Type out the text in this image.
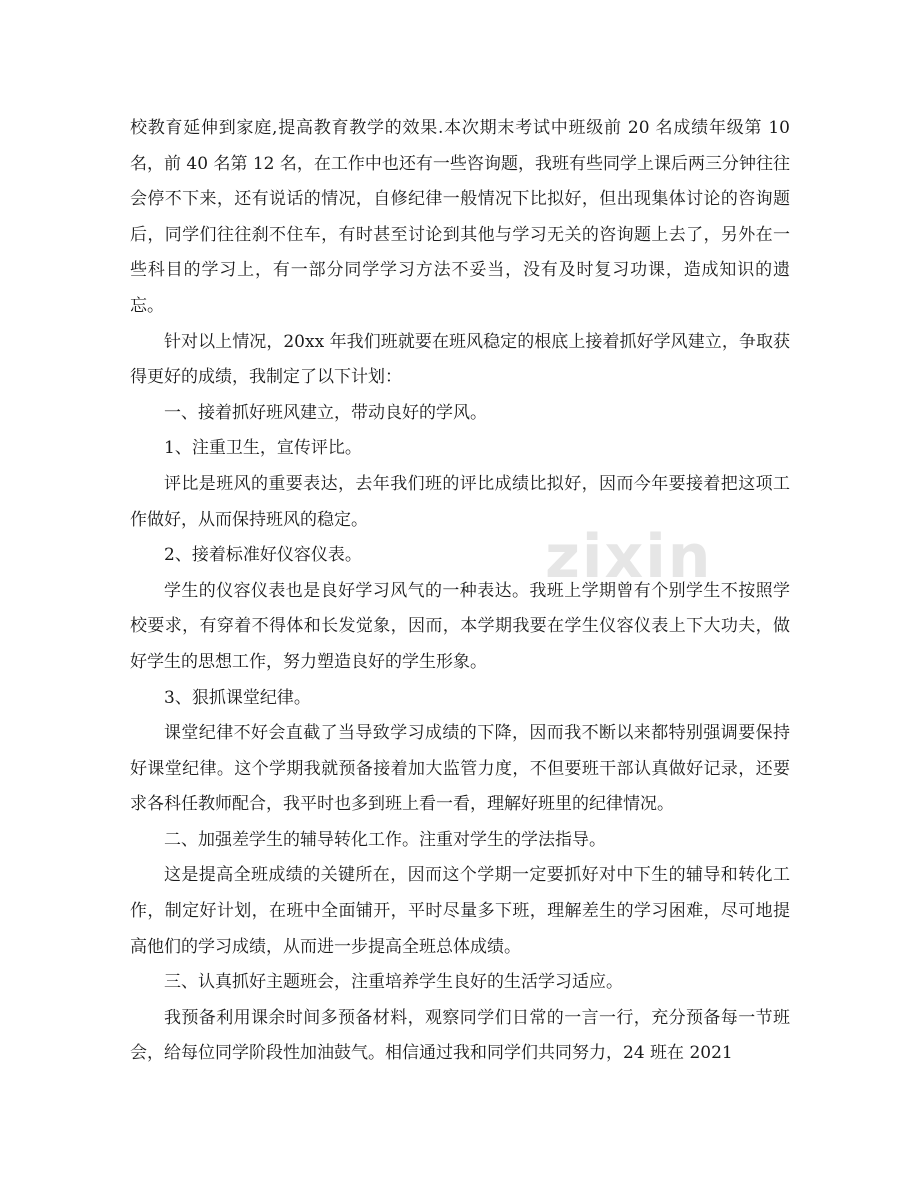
zixin

校教育延伸到家庭,提高教育教学的效果.本次期末考试中班级前 20 名成绩年级第 10 名，前 40 名第 12 名，在工作中也还有一些咨询题，我班有些同学上课后两三分钟往往会停不下来，还有说话的情况，自修纪律一般情况下比拟好，但出现集体讨论的咨询题后，同学们往往刹不住车，有时甚至讨论到其他与学习无关的咨询题上去了，另外在一些科目的学习上，有一部分同学学习方法不妥当，没有及时复习功课，造成知识的遗忘。

针对以上情况，20xx 年我们班就要在班风稳定的根底上接着抓好学风建立，争取获得更好的成绩，我制定了以下计划：

一、接着抓好班风建立，带动良好的学风。

1、注重卫生，宣传评比。

评比是班风的重要表达，去年我们班的评比成绩比拟好，因而今年要接着把这项工作做好，从而保持班风的稳定。

2、接着标准好仪容仪表。

学生的仪容仪表也是良好学习风气的一种表达。我班上学期曾有个别学生不按照学校要求，有穿着不得体和长发觉象，因而，本学期我要在学生仪容仪表上下大功夫，做好学生的思想工作，努力塑造良好的学生形象。

3、狠抓课堂纪律。

课堂纪律不好会直截了当导致学习成绩的下降，因而我不断以来都特别强调要保持好课堂纪律。这个学期我就预备接着加大监管力度，不但要班干部认真做好记录，还要求各科任教师配合，我平时也多到班上看一看，理解好班里的纪律情况。

二、加强差学生的辅导转化工作。注重对学生的学法指导。

这是提高全班成绩的关键所在，因而这个学期一定要抓好对中下生的辅导和转化工作，制定好计划，在班中全面铺开，平时尽量多下班，理解差生的学习困难，尽可地提高他们的学习成绩，从而进一步提高全班总体成绩。

三、认真抓好主题班会，注重培养学生良好的生活学习适应。

我预备利用课余时间多预备材料，观察同学们日常的一言一行，充分预备每一节班会，给每位同学阶段性加油鼓气。相信通过我和同学们共同努力，24 班在 2021
